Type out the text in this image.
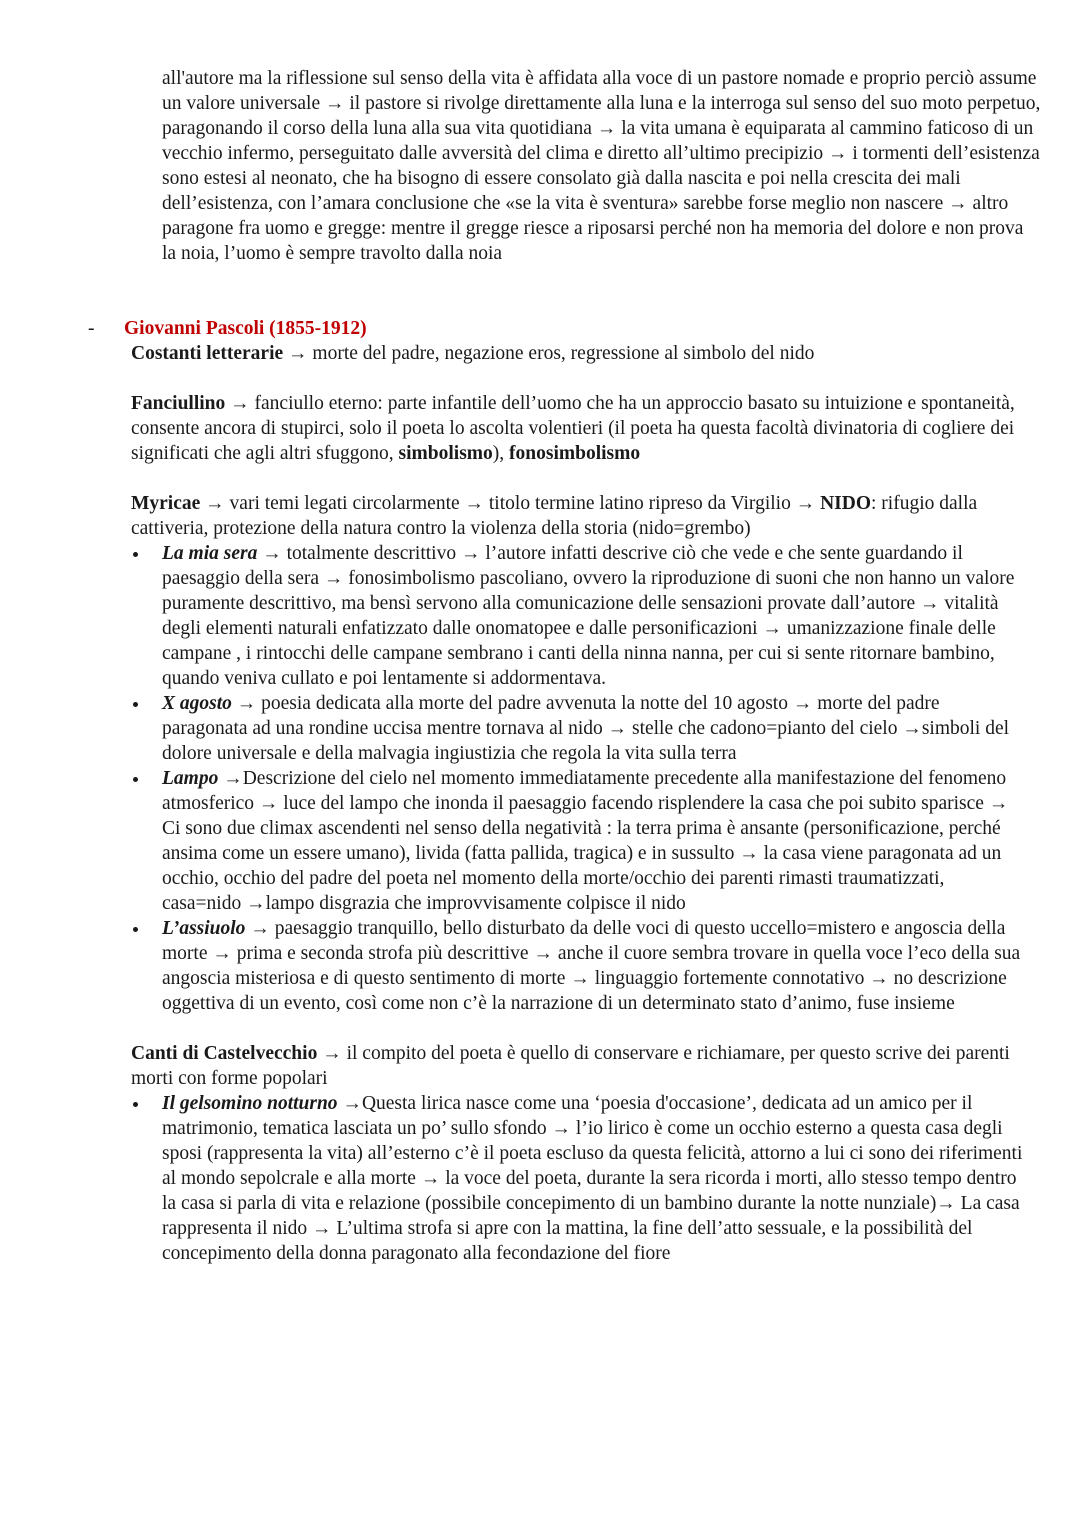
all'autore ma la riflessione sul senso della vita è affidata alla voce di un pastore nomade e proprio perciò assume un valore universale → il pastore si rivolge direttamente alla luna e la interroga sul senso del suo moto perpetuo, paragonando il corso della luna alla sua vita quotidiana → la vita umana è equiparata al cammino faticoso di un vecchio infermo, perseguitato dalle avversità del clima e diretto all’ultimo precipizio → i tormenti dell’esistenza sono estesi al neonato, che ha bisogno di essere consolato già dalla nascita e poi nella crescita dei mali dell’esistenza, con l’amara conclusione che «se la vita è sventura» sarebbe forse meglio non nascere → altro paragone fra uomo e gregge: mentre il gregge riesce a riposarsi perché non ha memoria del dolore e non prova la noia, l’uomo è sempre travolto dalla noia

- Giovanni Pascoli (1855-1912)

Costanti letterarie → morte del padre, negazione eros, regressione al simbolo del nido

Fanciullino → fanciullo eterno: parte infantile dell’uomo che ha un approccio basato su intuizione e spontaneità, consente ancora di stupirci, solo il poeta lo ascolta volentieri (il poeta ha questa facoltà divinatoria di cogliere dei significati che agli altri sfuggono, simbolismo), fonosimbolismo

Myricae → vari temi legati circolarmente → titolo termine latino ripreso da Virgilio → NIDO: rifugio dalla cattiveria, protezione della natura contro la violenza della storia (nido=grembo)

La mia sera → totalmente descrittivo → l’autore infatti descrive ciò che vede e che sente guardando il paesaggio della sera → fonosimbolismo pascoliano, ovvero la riproduzione di suoni che non hanno un valore puramente descrittivo, ma bensì servono alla comunicazione delle sensazioni provate dall’autore → vitalità degli elementi naturali enfatizzato dalle onomatopee e dalle personificazioni → umanizzazione finale delle campane , i rintocchi delle campane sembrano i canti della ninna nanna, per cui si sente ritornare bambino, quando veniva cullato e poi lentamente si addormentava.
X agosto → poesia dedicata alla morte del padre avvenuta la notte del 10 agosto → morte del padre paragonata ad una rondine uccisa mentre tornava al nido → stelle che cadono=pianto del cielo →simboli del dolore universale e della malvagia ingiustizia che regola la vita sulla terra
Lampo →Descrizione del cielo nel momento immediatamente precedente alla manifestazione del fenomeno atmosferico → luce del lampo che inonda il paesaggio facendo risplendere la casa che poi subito sparisce → Ci sono due climax ascendenti nel senso della negatività : la terra prima è ansante (personificazione, perché ansima come un essere umano), livida (fatta pallida, tragica) e in sussulto → la casa viene paragonata ad un occhio, occhio del padre del poeta nel momento della morte/occhio dei parenti rimasti traumatizzati, casa=nido →lampo disgrazia che improvvisamente colpisce il nido
L’assiuolo → paesaggio tranquillo, bello disturbato da delle voci di questo uccello=mistero e angoscia della morte → prima e seconda strofa più descrittive → anche il cuore sembra trovare in quella voce l’eco della sua angoscia misteriosa e di questo sentimento di morte → linguaggio fortemente connotativo → no descrizione oggettiva di un evento, così come non c’è la narrazione di un determinato stato d’animo, fuse insieme

Canti di Castelvecchio → il compito del poeta è quello di conservare e richiamare, per questo scrive dei parenti morti con forme popolari

Il gelsomino notturno →Questa lirica nasce come una ‘poesia d'occasione’, dedicata ad un amico per il matrimonio, tematica lasciata un po’ sullo sfondo → l’io lirico è come un occhio esterno a questa casa degli sposi (rappresenta la vita) all’esterno c’è il poeta escluso da questa felicità, attorno a lui ci sono dei riferimenti al mondo sepolcrale e alla morte → la voce del poeta, durante la sera ricorda i morti, allo stesso tempo dentro la casa si parla di vita e relazione (possibile concepimento di un bambino durante la notte nunziale)→ La casa rappresenta il nido → L’ultima strofa si apre con la mattina, la fine dell’atto sessuale, e la possibilità del concepimento della donna paragonato alla fecondazione del fiore
